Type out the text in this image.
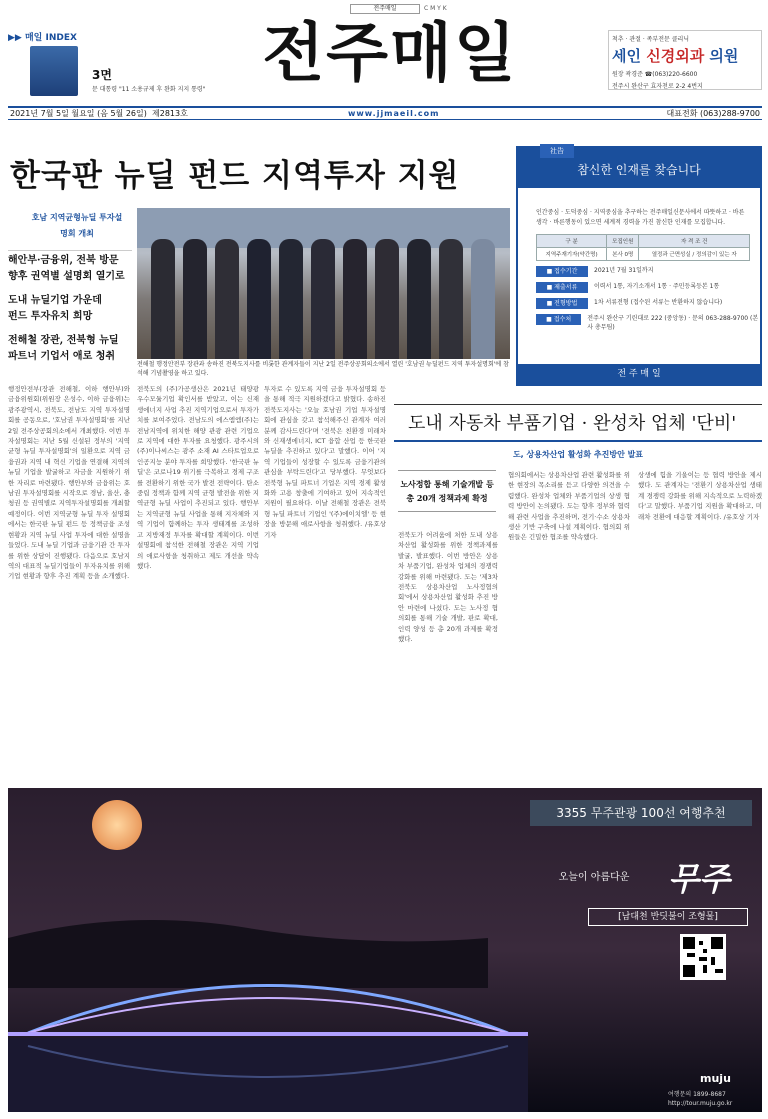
전주매일	C M Y K
▶▶ 매일 INDEX
3면
문 대통령 "11 소용규제 후 완화 지지 통령" 전주매일	척추 · 관절 · 족부전문 클리닉
세인 신경외과 의원
원장 곽경준 ☎(063)220-6600
전주시 완산구 효자천로 2-2 4번지
2021년 7월 5일 월요일 (음 5월 26일) 제2813호	www.jjmaeil.com	대표전화 (063)288-9700
한국판 뉴딜 펀드 지역투자 지원
호남 지역균형뉴딜 투자설명회 개최
해안부·금융위, 전북 방문
향후 권역별 설명회 열기로
도내 뉴딜기업 가운데
펀드 투자유치 희망
전해철 장관, 전북형 뉴딜
파트너 기업서 애로 청취
전해철 행정안전부 장관과 송하진 전북도지사를 비롯한 관계자들이 지난 2일 전주상공회의소에서 열린 '호남권 뉴딜펀드 지역 투자설명회'에 참석해 기념촬영을 하고 있다.
행정안전부(장관 전해철, 이하 행안부)와 금융위원회(위원장 은성수, 이하 금융위)는 광주광역시, 전북도, 전남도 지역 투자설명회를 공동으로, '호남권 투자설명회'를 지난 2일 전주상공회의소에서 개최했다. 이번 투자설명회는 지난 5월 신설된 정부의 '지역균형 뉴딜 투자설명회'의 일환으로 지역 금융권과 지역 내 혁신 기업을 연결해 지역의 뉴딜 기업을 발굴하고 자금을 지원하기 위한 자리로 마련됐다. 행안부와 금융위는 호남권 투자설명회를 시작으로 경남, 울산, 충청권 등 권역별로 지역투자설명회를 개최할 예정이다. 이번 지역균형 뉴딜 투자 설명회에서는 한국판 뉴딜 펀드 등 정책금융 조성 현황과 지역 뉴딜 사업 투자에 대한 설명을 들었다. 도내 뉴딜 기업과 금융기관 간 투자를 위한 상담이 진행됐다. 다음으로 호남지역의 대표적 뉴딜기업들이 투자유치를 위해 기업 현황과 향후 추진 계획 등을 소개했다.
전북도의 (주)가공생산은 2021년 태양광 우수모듈기업 확인서를 받았고, 이는 신재생에너지 사업 추진 지역기업으로서 투자가치를 보여주었다. 전남도의 에스엠엠(주)는 전남지역에 위치한 해양 관광 관련 기업으로 지역에 대한 투자를 요청했다. 광주시의 (주)이나씨스는 광주 소재 AI 스타트업으로 인공지능 분야 투자를 희망했다. '한국판 뉴딜'은 코로나19 위기를 극복하고 경제 구조를 전환하기 위한 국가 발전 전략이다. 탄소중립 정책과 함께 지역 균형 발전을 위한 지역균형 뉴딜 사업이 추진되고 있다. 행안부는 지역균형 뉴딜 사업을 통해 지자체와 지역 기업이 함께하는 투자 생태계를 조성하고 지방재정 투자를 확대할 계획이다. 이번 설명회에 참석한 전해철 장관은 지역 기업의 애로사항을 청취하고 제도 개선을 약속했다.
투자로 수 있도록 지역 금융 투자설명회 등을 통해 적극 지원하겠다고 밝혔다. 송하진 전북도지사는 '오늘 호남권 기업 투자설명회에 관심을 갖고 참석해주신 관계자 여러분께 감사드린다'며 '전북은 친환경 미래차와 신재생에너지, ICT 융합 산업 등 한국판 뉴딜을 추진하고 있다'고 말했다. 이어 '지역 기업들이 성장할 수 있도록 금융기관의 관심을 부탁드린다'고 당부했다. 무엇보다 전북형 뉴딜 파트너 기업은 지역 경제 활성화와 고용 창출에 기여하고 있어 지속적인 지원이 필요하다. 이날 전해철 장관은 전북형 뉴딜 파트너 기업인 '(주)에이치엘' 등 현장을 방문해 애로사항을 청취했다. /유호상 기자
社告
참신한 인재를 찾습니다
인간중심 · 도덕중심 · 지역중심을 추구하는 전주매일신문사에서 따뜻하고 · 바른생각 · 바른행동이 있으면 세계적 경력을 가진 참신한 인재를 모집합니다.
구 분	모집인원	자 격 조 건
지역주재기자(약간명)	본사 0명	열정과 근면성실 / 정의감이 있는 자
■ 접수기간	2021년 7월 31일까지
■ 제출서류	이력서 1통, 자기소개서 1통 · 주민등록등본 1통
■ 전형방법	1차 서류전형 (접수된 서류는 반환하지 않습니다)
■ 접수처	전주시 완산구 기린대로 222 (중앙동) · 문의 063-288-9700 (본사 총무팀)
전 주 매 일
도내 자동차 부품기업 · 완성차 업체 '단비'
도, 상용차산업 활성화 추진방안 발표
노사정합 통해 기술개발 등
총 20개 정책과제 확정
전북도가 어려움에 처한 도내 상용차산업 활성화를 위한 정책과제를 발굴, 발표했다. 이번 방안은 상용차 부품기업, 완성차 업체의 경쟁력 강화를 위해 마련됐다. 도는 '제3차 전북도 상용차산업 노사정협의회'에서 상용차산업 활성화 추진 방안 마련에 나섰다. 도는 노사정 협의회를 통해 기술 개발, 판로 확대, 인력 양성 등 총 20개 과제를 확정했다.
협의회에서는 상용차산업 관련 활성화를 위한 현장의 목소리를 듣고 다양한 의견을 수렴했다. 완성차 업체와 부품기업의 상생 협력 방안이 논의됐다. 도는 향후 정부와 협력해 관련 사업을 추진하며, 전기·수소 상용차 생산 기반 구축에 나설 계획이다. 협의회 위원들은 긴밀한 협조를 약속했다.
상생에 힘을 기울이는 등 협력 방안을 제시했다. 도 관계자는 '전환기 상용차산업 생태계 경쟁력 강화를 위해 지속적으로 노력하겠다'고 말했다. 부품기업 지원을 확대하고, 미래차 전환에 대응할 계획이다. /유호상 기자
3355 무주관광 100선 여행추천
오늘이 아름다운	무주
[남대천 반딧불이 조형물]
muju
여행문의 1899-8687
http://tour.muju.go.kr
